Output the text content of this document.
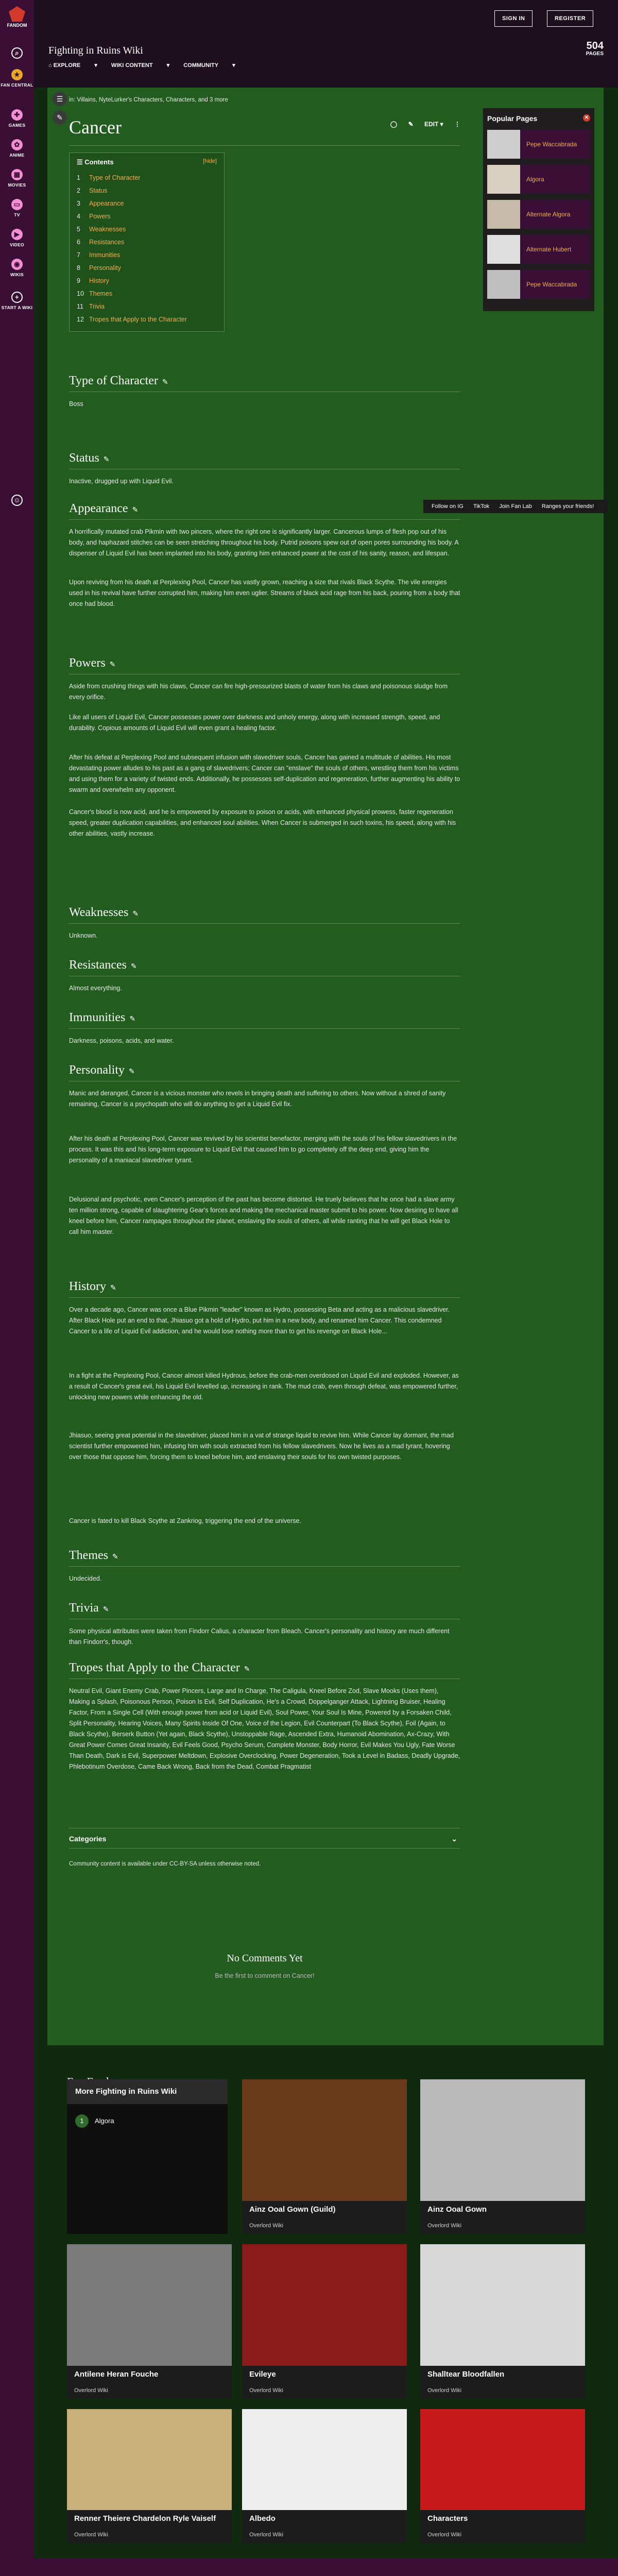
FANDOM
⌕
★
FAN CENTRAL
✚
GAMES
✿
ANIME
▦
MOVIES
▭
TV
▶
VIDEO
◉
WIKIS
+
START A WIKI
☺
SIGN IN	REGISTER
Fighting in Ruins Wiki
⌂ EXPLORE ▾ WIKI CONTENT ▾ COMMUNITY ▾
504
PAGES
☰
✎
in: Villains, NyteLurker's Characters, Characters, and 3 more
Cancer	◯ ✎ EDIT ▾ ⋮
☰ Contents	[hide]
1 Type of Character
2 Status
3 Appearance
4 Powers
5 Weaknesses
6 Resistances
7 Immunities
8 Personality
9 History
10 Themes
11 Trivia
12 Tropes that Apply to the Character
Type of Character ✎
Boss
Status ✎
Inactive, drugged up with Liquid Evil.
Appearance ✎
A horrifically mutated crab Pikmin with two pincers, where the right one is significantly larger. Cancerous lumps of flesh pop out of his body, and haphazard stitches can be seen stretching throughout his body. Putrid poisons spew out of open pores surrounding his body. A dispenser of Liquid Evil has been implanted into his body, granting him enhanced power at the cost of his sanity, reason, and lifespan.
Upon reviving from his death at Perplexing Pool, Cancer has vastly grown, reaching a size that rivals Black Scythe. The vile energies used in his revival have further corrupted him, making him even uglier. Streams of black acid rage from his back, pouring from a body that once had blood.
Powers ✎
Aside from crushing things with his claws, Cancer can fire high-pressurized blasts of water from his claws and poisonous sludge from every orifice.
Like all users of Liquid Evil, Cancer possesses power over darkness and unholy energy, along with increased strength, speed, and durability. Copious amounts of Liquid Evil will even grant a healing factor.
After his defeat at Perplexing Pool and subsequent infusion with slavedriver souls, Cancer has gained a multitude of abilities. His most devastating power alludes to his past as a gang of slavedrivers; Cancer can "enslave" the souls of others, wrestling them from his victims and using them for a variety of twisted ends. Additionally, he possesses self-duplication and regeneration, further augmenting his ability to swarm and overwhelm any opponent.
Cancer's blood is now acid, and he is empowered by exposure to poison or acids, with enhanced physical prowess, faster regeneration speed, greater duplication capabilities, and enhanced soul abilities. When Cancer is submerged in such toxins, his speed, along with his other abilities, vastly increase.
Weaknesses ✎
Unknown.
Resistances ✎
Almost everything.
Immunities ✎
Darkness, poisons, acids, and water.
Personality ✎
Manic and deranged, Cancer is a vicious monster who revels in bringing death and suffering to others. Now without a shred of sanity remaining, Cancer is a psychopath who will do anything to get a Liquid Evil fix.
After his death at Perplexing Pool, Cancer was revived by his scientist benefactor, merging with the souls of his fellow slavedrivers in the process. It was this and his long-term exposure to Liquid Evil that caused him to go completely off the deep end, giving him the personality of a maniacal slavedriver tyrant.
Delusional and psychotic, even Cancer's perception of the past has become distorted. He truely believes that he once had a slave army ten million strong, capable of slaughtering Gear's forces and making the mechanical master submit to his power. Now desiring to have all kneel before him, Cancer rampages throughout the planet, enslaving the souls of others, all while ranting that he will get Black Hole to call him master.
History ✎
Over a decade ago, Cancer was once a Blue Pikmin "leader" known as Hydro, possessing Beta and acting as a malicious slavedriver. After Black Hole put an end to that, Jhiasuo got a hold of Hydro, put him in a new body, and renamed him Cancer. This condemned Cancer to a life of Liquid Evil addiction, and he would lose nothing more than to get his revenge on Black Hole...
In a fight at the Perplexing Pool, Cancer almost killed Hydrous, before the crab-men overdosed on Liquid Evil and exploded. However, as a result of Cancer's great evil, his Liquid Evil levelled up, increasing in rank. The mud crab, even through defeat, was empowered further, unlocking new powers while enhancing the old.
Jhiasuo, seeing great potential in the slavedriver, placed him in a vat of strange liquid to revive him. While Cancer lay dormant, the mad scientist further empowered him, infusing him with souls extracted from his fellow slavedrivers. Now he lives as a mad tyrant, hovering over those that oppose him, forcing them to kneel before him, and enslaving their souls for his own twisted purposes.
Cancer is fated to kill Black Scythe at Zankriog, triggering the end of the universe.
Themes ✎
Undecided.
Trivia ✎
Some physical attributes were taken from Findorr Calius, a character from Bleach. Cancer's personality and history are much different than Findorr's, though.
Tropes that Apply to the Character ✎
Neutral Evil, Giant Enemy Crab, Power Pincers, Large and In Charge, The Caligula, Kneel Before Zod, Slave Mooks (Uses them), Making a Splash, Poisonous Person, Poison Is Evil, Self Duplication, He's a Crowd, Doppelganger Attack, Lightning Bruiser, Healing Factor, From a Single Cell (With enough power from acid or Liquid Evil), Soul Power, Your Soul Is Mine, Powered by a Forsaken Child, Split Personality, Hearing Voices, Many Spirits Inside Of One, Voice of the Legion, Evil Counterpart (To Black Scythe), Foil (Again, to Black Scythe), Berserk Button (Yet again, Black Scythe), Unstoppable Rage, Ascended Extra, Humanoid Abomination, Ax-Crazy, With Great Power Comes Great Insanity, Evil Feels Good, Psycho Serum, Complete Monster, Body Horror, Evil Makes You Ugly, Fate Worse Than Death, Dark is Evil, Superpower Meltdown, Explosive Overclocking, Power Degeneration, Took a Level in Badass, Deadly Upgrade, Phlebotinum Overdose, Came Back Wrong, Back from the Dead, Combat Pragmatist
Categories	⌄
Community content is available under CC-BY-SA unless otherwise noted.
No Comments Yet
Be the first to comment on Cancer!
Popular Pages	✕
Pepe Waccabrada
Algora
Alternate Algora
Alternate Hubert
Pepe Waccabrada
Follow on IG TikTok Join Fan Lab Ranges your friends!
More Fighting in Ruins Wiki
1 Algora
Ainz Ooal Gown (Guild)
Overlord Wiki
Ainz Ooal Gown
Overlord Wiki
Antilene Heran Fouche
Overlord Wiki
Evileye
Overlord Wiki
Shalltear Bloodfallen
Overlord Wiki
Renner Theiere Chardelon Ryle Vaiself
Overlord Wiki
Albedo
Overlord Wiki
Characters
Overlord Wiki
